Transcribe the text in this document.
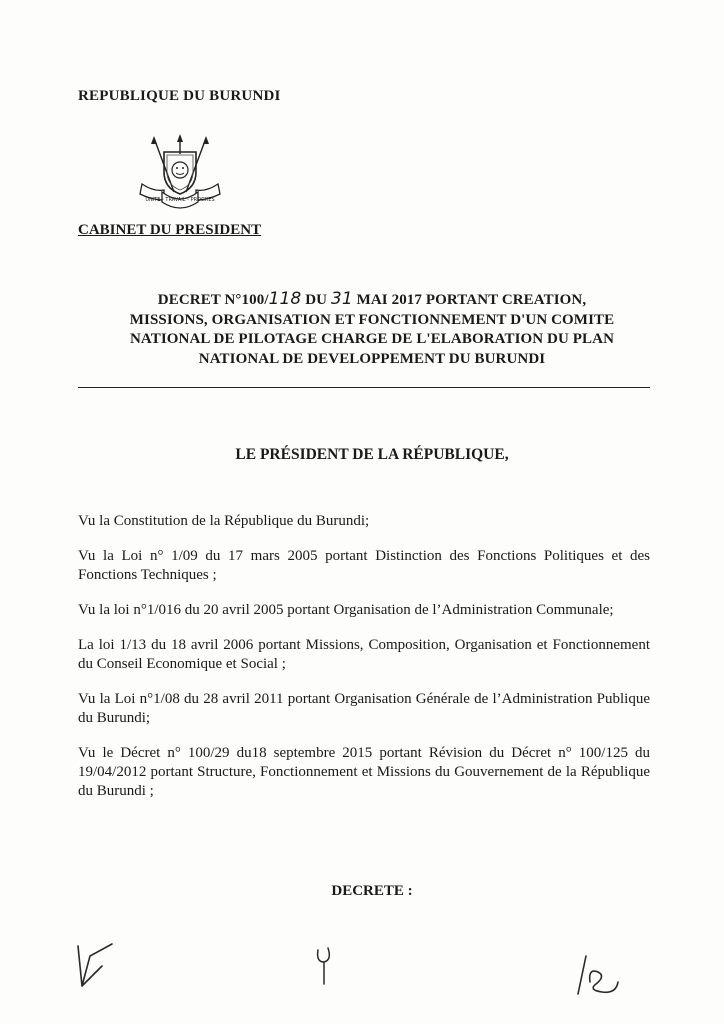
REPUBLIQUE DU BURUNDI
UNITE - TRAVAIL - PROGRES
CABINET DU PRESIDENT
DECRET N°100/118 DU 31 MAI 2017 PORTANT CREATION,
MISSIONS, ORGANISATION ET FONCTIONNEMENT D'UN COMITE
NATIONAL DE PILOTAGE CHARGE DE L'ELABORATION DU PLAN
NATIONAL DE DEVELOPPEMENT DU BURUNDI
LE PRÉSIDENT DE LA RÉPUBLIQUE,

Vu la Constitution de la République du Burundi;

Vu la Loi n° 1/09 du 17 mars 2005 portant Distinction des Fonctions Politiques et des Fonctions Techniques ;

Vu la loi n°1/016 du 20 avril 2005 portant Organisation de l’Administration Communale;

La loi 1/13 du 18 avril 2006 portant Missions, Composition, Organisation et Fonctionnement du Conseil Economique et Social ;

Vu la Loi n°1/08 du 28 avril 2011 portant Organisation Générale de l’Administration Publique du Burundi;

Vu le Décret n° 100/29 du18 septembre 2015 portant Révision du Décret n° 100/125 du 19/04/2012 portant Structure, Fonctionnement et Missions du Gouvernement de la République du Burundi ;

DECRETE :
